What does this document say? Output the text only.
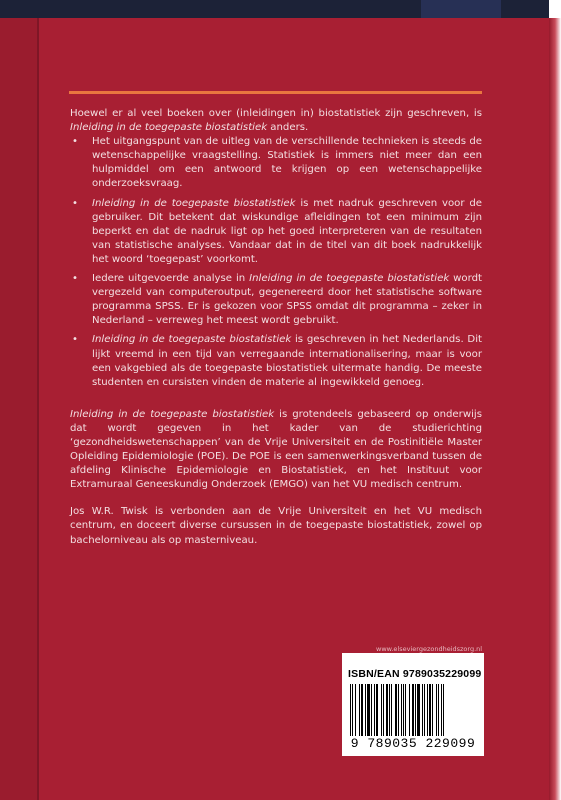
Hoewel er al veel boeken over (inleidingen in) biostatistiek zijn geschreven, is Inleiding in de toegepaste biostatistiek anders.

• Het uitgangspunt van de uitleg van de verschillende technieken is steeds de wetenschappelijke vraagstelling. Statistiek is immers niet meer dan een hulpmiddel om een antwoord te krijgen op een wetenschappelijke onderzoeksvraag.
• Inleiding in de toegepaste biostatistiek is met nadruk geschreven voor de gebruiker. Dit betekent dat wiskundige afleidingen tot een minimum zijn beperkt en dat de nadruk ligt op het goed interpreteren van de resultaten van statistische analyses. Vandaar dat in de titel van dit boek nadrukkelijk het woord ‘toegepast’ voorkomt.
• Iedere uitgevoerde analyse in Inleiding in de toegepaste biostatistiek wordt vergezeld van computeroutput, gegenereerd door het statistische software programma SPSS. Er is gekozen voor SPSS omdat dit programma – zeker in Nederland – verreweg het meest wordt gebruikt.
• Inleiding in de toegepaste biostatistiek is geschreven in het Nederlands. Dit lijkt vreemd in een tijd van verregaande internationalisering, maar is voor een vakgebied als de toegepaste biostatistiek uitermate handig. De meeste studenten en cursisten vinden de materie al ingewikkeld genoeg.

Inleiding in de toegepaste biostatistiek is grotendeels gebaseerd op onderwijs dat wordt gegeven in het kader van de studierichting ‘gezondheidswetenschappen’ van de Vrije Universiteit en de Postinitiële Master Opleiding Epidemiologie (POE). De POE is een samenwerkingsverband tussen de afdeling Klinische Epidemiologie en Biostatistiek, en het Instituut voor Extramuraal Geneeskundig Onderzoek (EMGO) van het VU medisch centrum.

Jos W.R. Twisk is verbonden aan de Vrije Universiteit en het VU medisch centrum, en doceert diverse cursussen in de toegepaste biostatistiek, zowel op bachelorniveau als op masterniveau.

www.elseviergezondheidszorg.nl
ISBN/EAN 9789035229099
9 789035 229099
